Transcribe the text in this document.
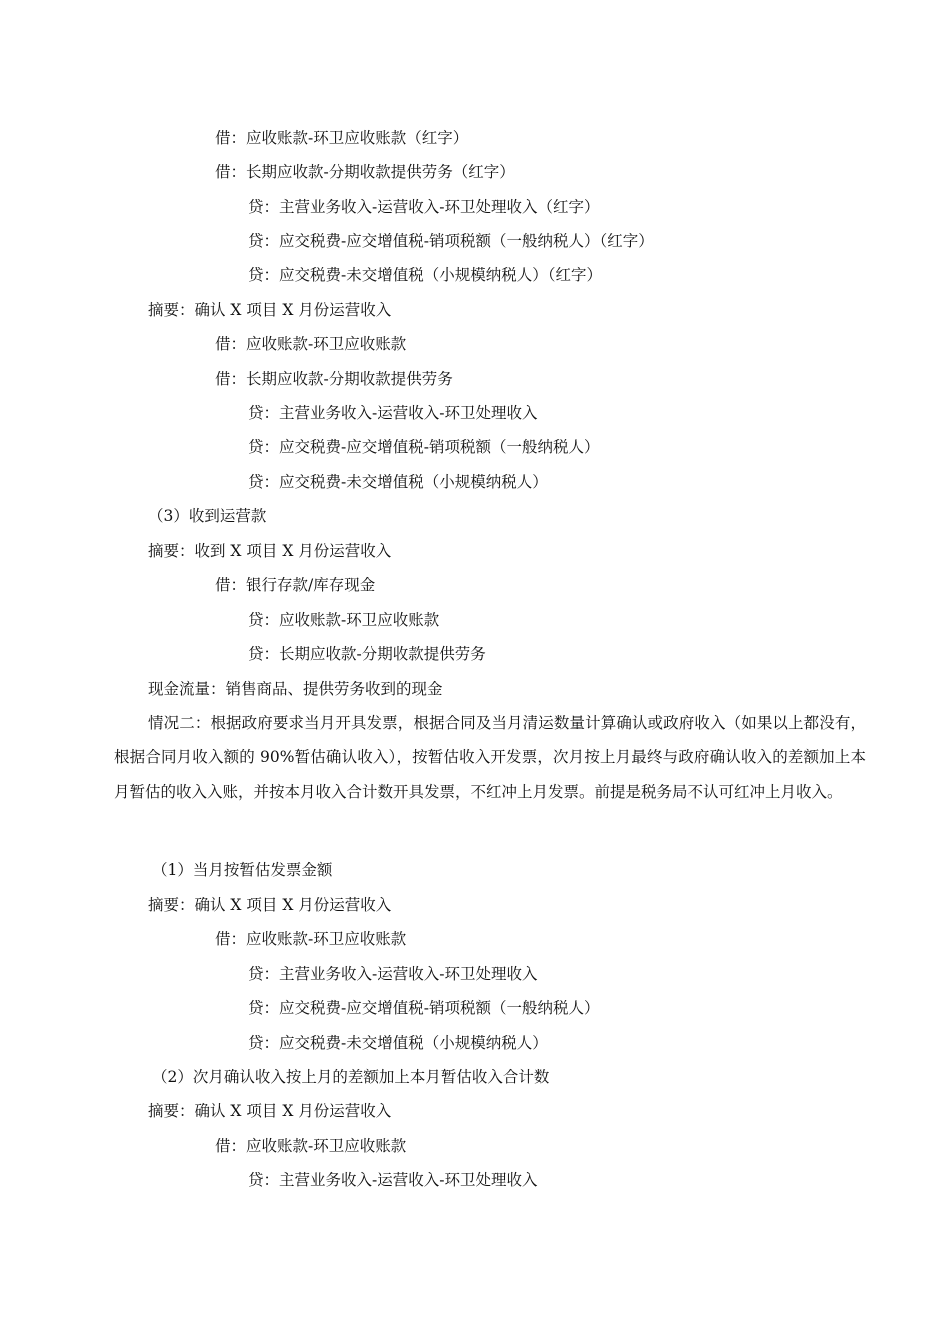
借：应收账款-环卫应收账款（红字）
借：长期应收款-分期收款提供劳务（红字）
贷：主营业务收入-运营收入-环卫处理收入（红字）
贷：应交税费-应交增值税-销项税额（一般纳税人）（红字）
贷：应交税费-未交增值税（小规模纳税人）（红字）
摘要：确认 X 项目 X 月份运营收入
借：应收账款-环卫应收账款
借：长期应收款-分期收款提供劳务
贷：主营业务收入-运营收入-环卫处理收入
贷：应交税费-应交增值税-销项税额（一般纳税人）
贷：应交税费-未交增值税（小规模纳税人）
（3）收到运营款
摘要：收到 X 项目 X 月份运营收入
借：银行存款/库存现金
贷：应收账款-环卫应收账款
贷：长期应收款-分期收款提供劳务
现金流量：销售商品、提供劳务收到的现金
情况二：根据政府要求当月开具发票，根据合同及当月清运数量计算确认或政府收入（如果以上都没有，根据合同月收入额的 90%暂估确认收入），按暂估收入开发票，次月按上月最终与政府确认收入的差额加上本月暂估的收入入账，并按本月收入合计数开具发票，不红冲上月发票。前提是税务局不认可红冲上月收入。
（1）当月按暂估发票金额
摘要：确认 X 项目 X 月份运营收入
借：应收账款-环卫应收账款
贷：主营业务收入-运营收入-环卫处理收入
贷：应交税费-应交增值税-销项税额（一般纳税人）
贷：应交税费-未交增值税（小规模纳税人）
（2）次月确认收入按上月的差额加上本月暂估收入合计数
摘要：确认 X 项目 X 月份运营收入
借：应收账款-环卫应收账款
贷：主营业务收入-运营收入-环卫处理收入
